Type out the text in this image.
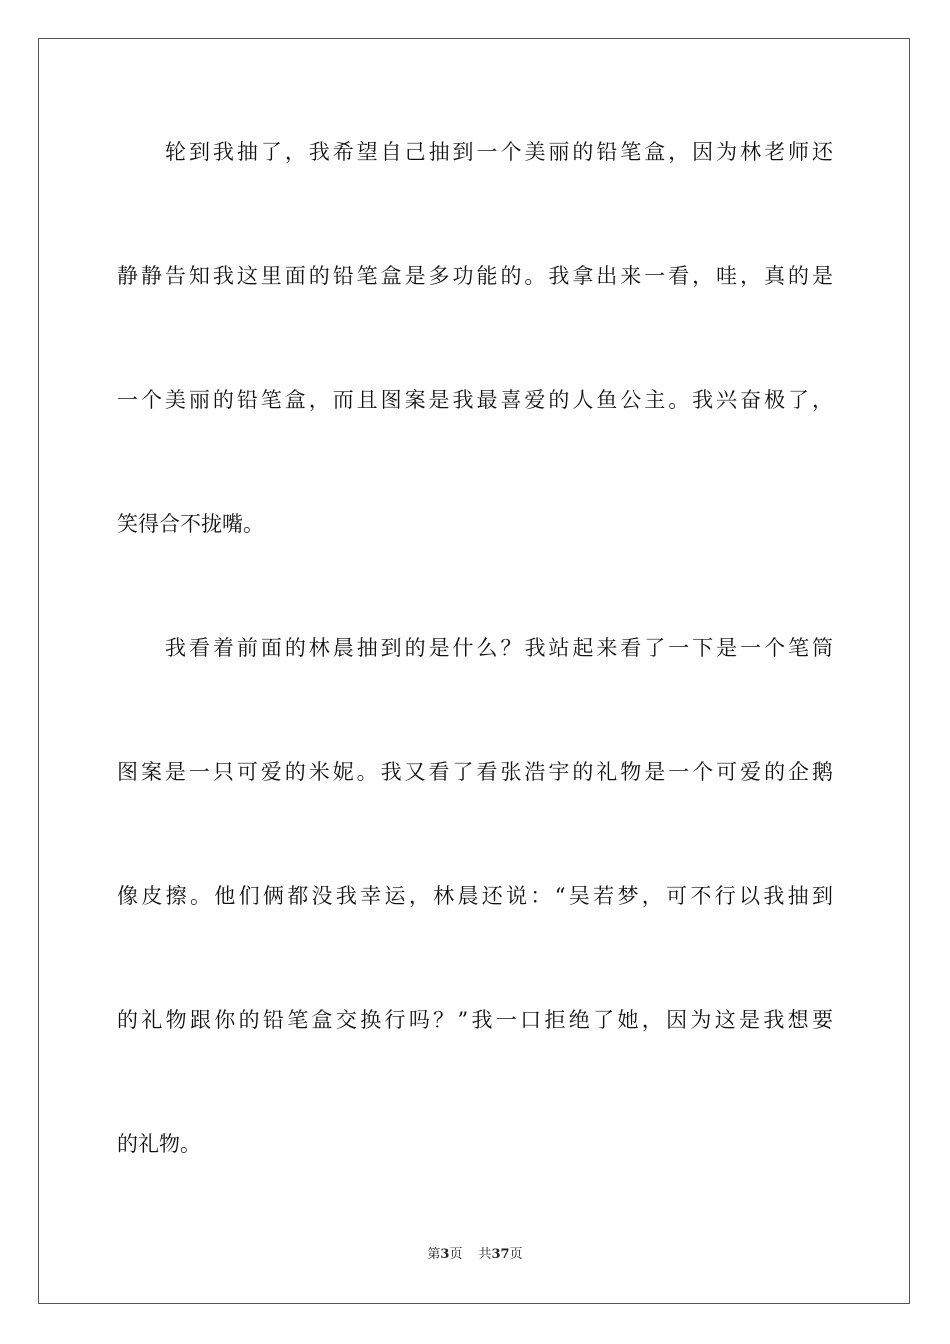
轮到我抽了，我希望自己抽到一个美丽的铅笔盒，因为林老师还
静静告知我这里面的铅笔盒是多功能的。我拿出来一看，哇，真的是
一个美丽的铅笔盒，而且图案是我最喜爱的人鱼公主。我兴奋极了，
笑得合不拢嘴。
我看着前面的林晨抽到的是什么？我站起来看了一下是一个笔筒
图案是一只可爱的米妮。我又看了看张浩宇的礼物是一个可爱的企鹅
像皮擦。他们俩都没我幸运，林晨还说：“吴若梦，可不行以我抽到
的礼物跟你的铅笔盒交换行吗？”我一口拒绝了她，因为这是我想要
的礼物。
第3页 共37页
